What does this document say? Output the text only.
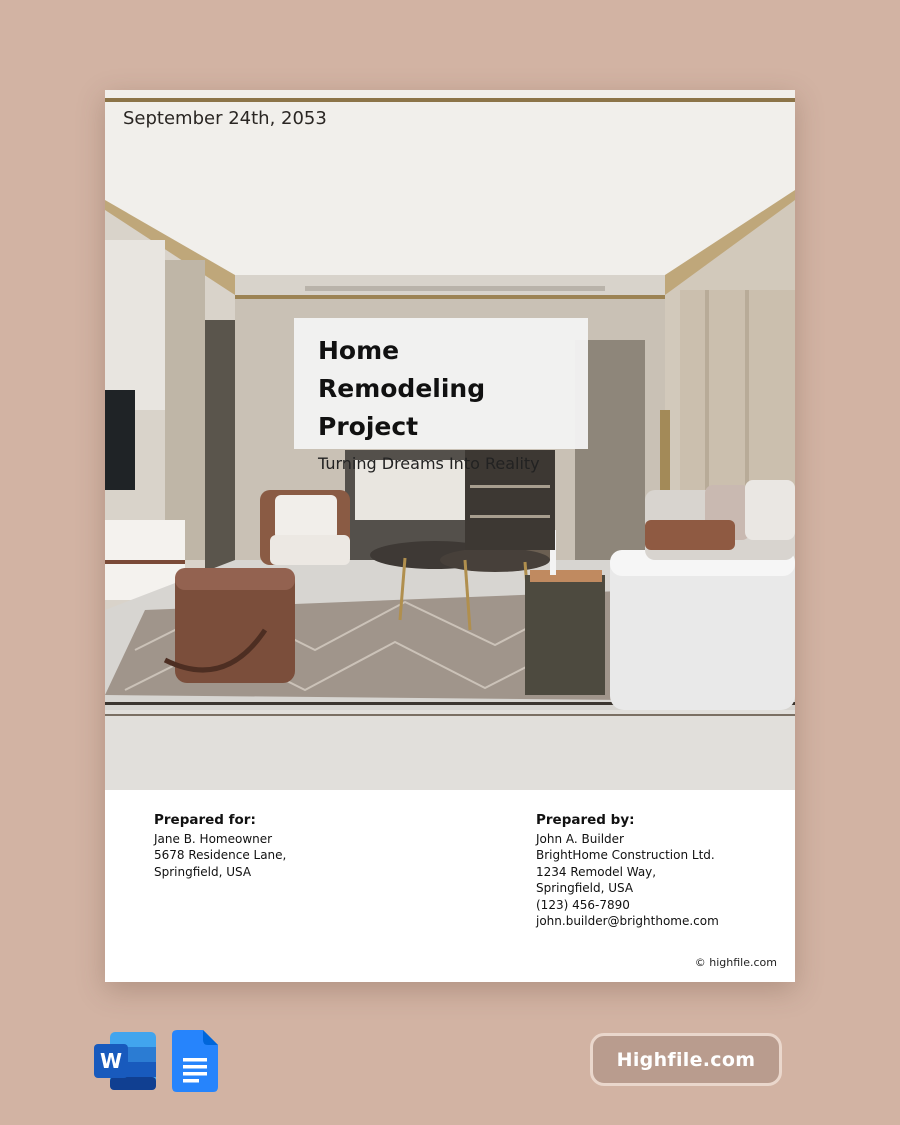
September 24th, 2053
Home Remodeling Project
Turning Dreams Into Reality
Prepared for:
Jane B. Homeowner
5678 Residence Lane,
Springfield, USA
Prepared by:
John A. Builder
BrightHome Construction Ltd.
1234 Remodel Way,
Springfield, USA
(123) 456-7890
john.builder@brighthome.com
© highfile.com
W	Highfile.com
